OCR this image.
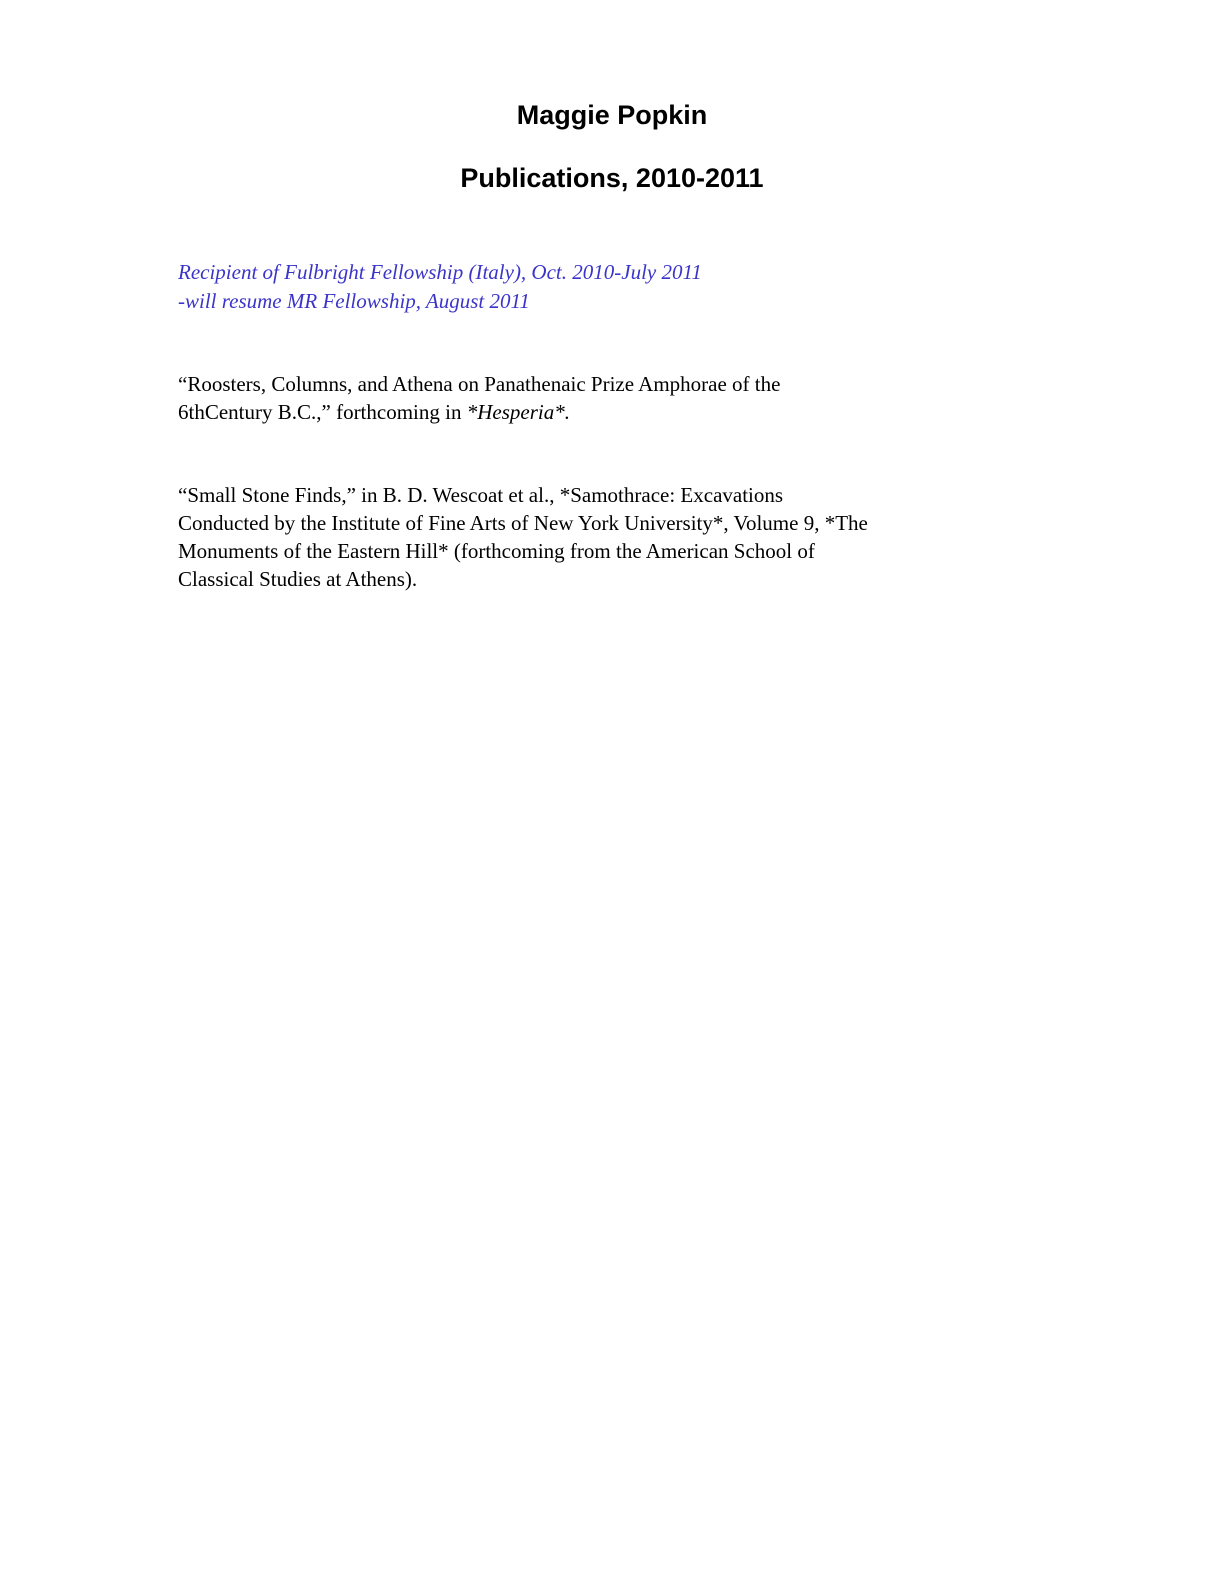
Maggie Popkin
Publications, 2010-2011
Recipient of Fulbright Fellowship (Italy), Oct. 2010-July 2011
-will resume MR Fellowship, August 2011
“Roosters, Columns, and Athena on Panathenaic Prize Amphorae of the
6thCentury B.C.,” forthcoming in *Hesperia*.
“Small Stone Finds,” in B. D. Wescoat et al., *Samothrace: Excavations
Conducted by the Institute of Fine Arts of New York University*, Volume 9, *The
Monuments of the Eastern Hill* (forthcoming from the American School of
Classical Studies at Athens).
